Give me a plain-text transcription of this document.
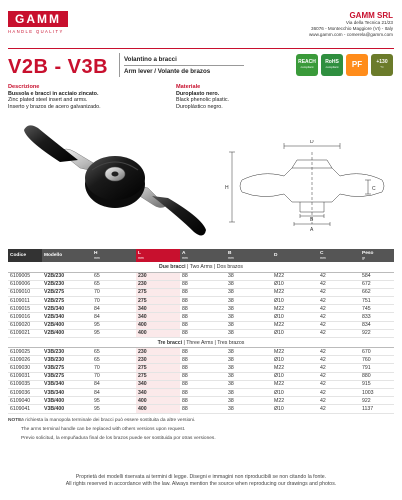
GAMM
HANDLE QUALITY
GAMM SRL
Via della Tecnica 21/23
36076 - Montecchio Maggiore (VI) - Italy
www.gamm.com - comerela@gamm.com
V2B - V3B	Volantino a bracci
Arm lever / Volante de brazos
REACH
compliant
RoHS
compliant PF	+130
°C
Descrizione
Bussola e bracci in acciaio zincato.
Zinc plated steel insert and arms.
Inserto y brazos de acero galvanizado.
Materiale
Duroplasto nero.
Black phenolic plastic.
Duroplástico negro.
H
D
B
A
C
Codice	Modello	H
mm	L
mm	A
mm	B
mm	D	C
mm	Peso
gr

Due bracci | Two Arms | Dos brazos								
6109005	V2B/230	65	230	88	38	M22	42	584
6109006	V2B/230	65	230	88	38	Ø10	42	672
6109010	V2B/275	70	275	88	38	M22	42	662
6109011	V2B/275	70	275	88	38	Ø10	42	751
6109015	V2B/340	84	340	88	38	M22	42	745
6109016	V2B/340	84	340	88	38	Ø10	42	833
6109020	V2B/400	95	400	88	38	M22	42	834
6109021	V2B/400	95	400	88	38	Ø10	42	922
Tre bracci | Three Arms | Tres brazos								
6109025	V3B/230	65	230	88	38	M22	42	670
6109026	V3B/230	65	230	88	38	Ø10	42	760
6109030	V3B/275	70	275	88	38	M22	42	791
6109031	V3B/275	70	275	88	38	Ø10	42	880
6109035	V3B/340	84	340	88	38	M22	42	915
6109036	V3B/340	84	340	88	38	Ø10	42	1003
6109040	V3B/400	95	400	88	38	M22	42	922
6109041	V3B/400	95	400	88	38	Ø10	42	1137
NOTE:A richiesta la manopola terminale dei bracci può essere sostituita da altre versioni.
The arms terminal handle can be replaced with others versions upon request.
Previo solicitud, la empuñadura final de los brazos puede ser sostituida por otras versiones.
Proprietà dei modelli riservata ai termini di legge. Disegni e immagini non riproducibili se non citando la fonte.
All rights reserved in accordance with the law. Always mention the source when reproducing our drawings and photos.
